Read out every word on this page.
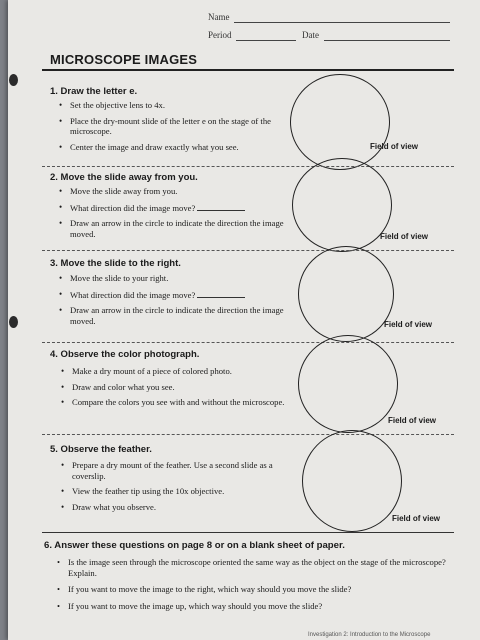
Name
Period	Date
MICROSCOPE IMAGES
1. Draw the letter e.
• Set the objective lens to 4x.
• Place the dry-mount slide of the letter e on the stage of the microscope.
• Center the image and draw exactly what you see.	Field of view
2. Move the slide away from you.
• Move the slide away from you.
• What direction did the image move?
• Draw an arrow in the circle to indicate the direction the image moved.	Field of view
3. Move the slide to the right.
• Move the slide to your right.
• What direction did the image move?
• Draw an arrow in the circle to indicate the direction the image moved.	Field of view
4. Observe the color photograph.
• Make a dry mount of a piece of colored photo.
• Draw and color what you see.
• Compare the colors you see with and without the microscope.
Field of view
5. Observe the feather.
• Prepare a dry mount of the feather. Use a second slide as a coverslip.
• View the feather tip using the 10x objective.
• Draw what you observe.
Field of view
6. Answer these questions on page 8 or on a blank sheet of paper.
• Is the image seen through the microscope oriented the same way as the object on the stage of the microscope? Explain.
• If you want to move the image to the right, which way should you move the slide?
• If you want to move the image up, which way should you move the slide?
Investigation 2: Introduction to the Microscope
